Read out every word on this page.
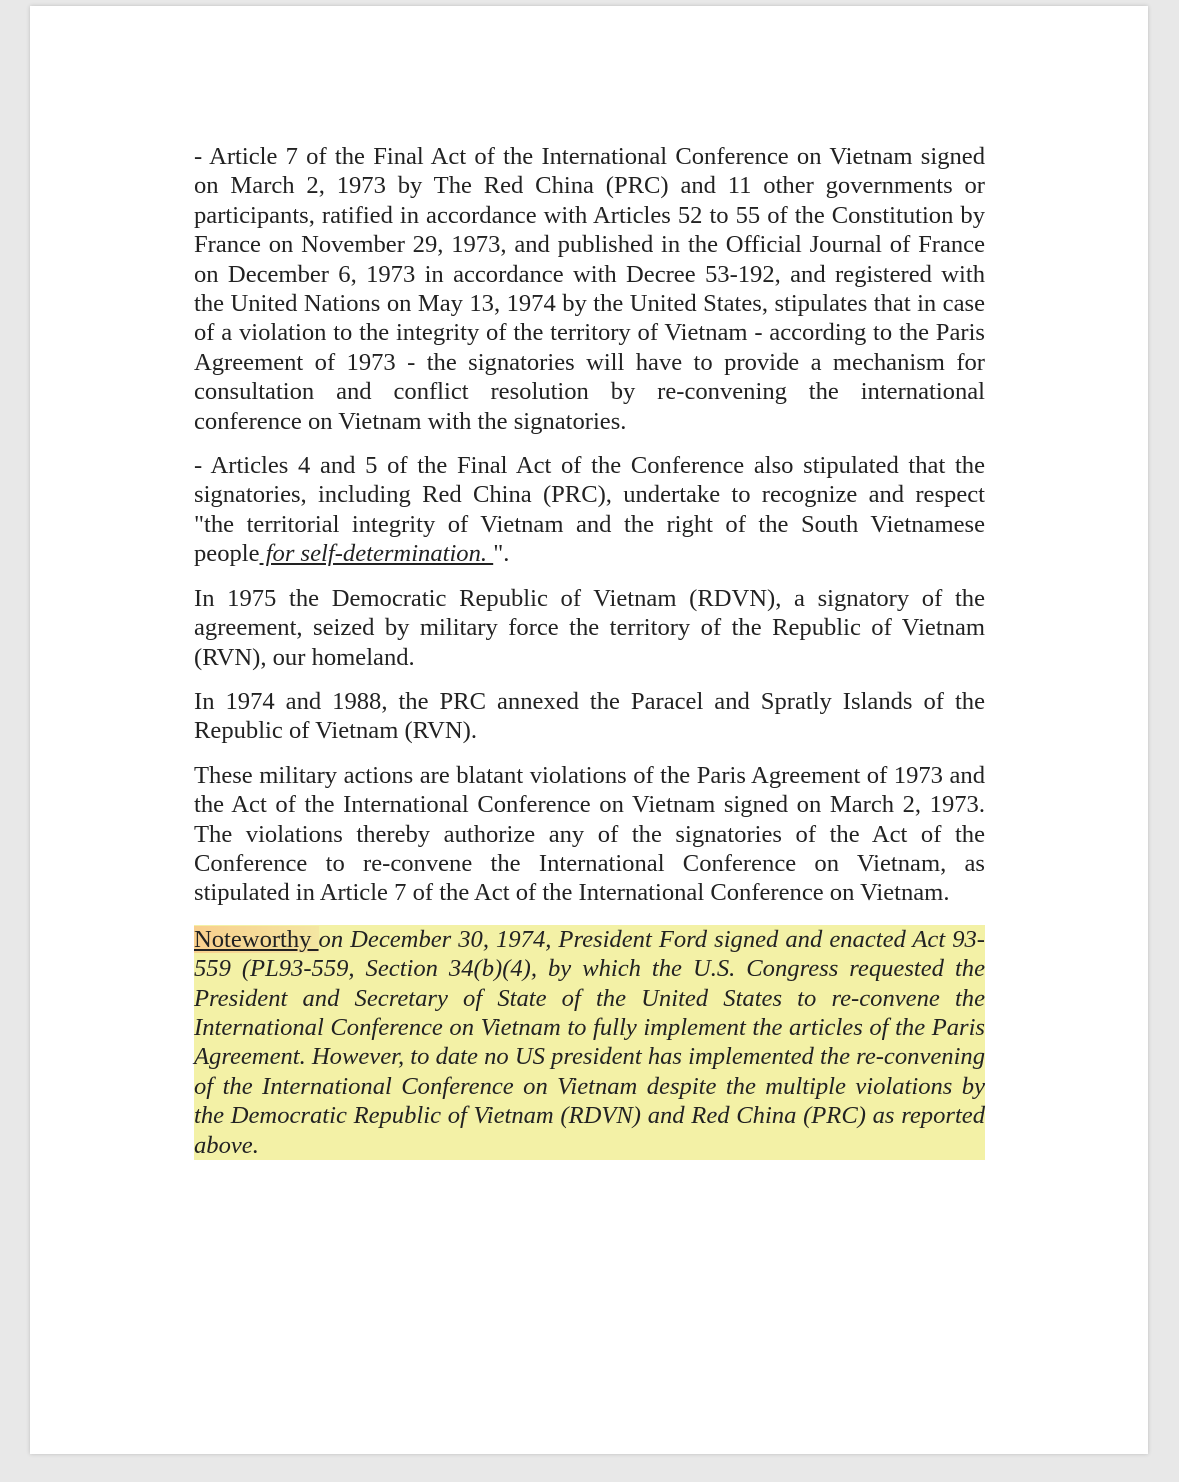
- Article 7 of the Final Act of the International Conference on Vietnam signed on March 2, 1973 by The Red China (PRC) and 11 other governments or participants, ratified in accordance with Articles 52 to 55 of the Constitution by France on November 29, 1973, and published in the Official Journal of France on December 6, 1973 in accordance with Decree 53-192, and registered with the United Nations on May 13, 1974 by the United States, stipulates that in case of a violation to the integrity of the territory of Vietnam - according to the Paris Agreement of 1973 - the signatories will have to provide a mechanism for consultation and conflict resolution by re-convening the international conference on Vietnam with the signatories.

- Articles 4 and 5 of the Final Act of the Conference also stipulated that the signatories, including Red China (PRC), undertake to recognize and respect "the territorial integrity of Vietnam and the right of the South Vietnamese people for self-determination. ".

In 1975 the Democratic Republic of Vietnam (RDVN), a signatory of the agreement, seized by military force the territory of the Republic of Vietnam (RVN), our homeland.

In 1974 and 1988, the PRC annexed the Paracel and Spratly Islands of the Republic of Vietnam (RVN).

These military actions are blatant violations of the Paris Agreement of 1973 and the Act of the International Conference on Vietnam signed on March 2, 1973. The violations thereby authorize any of the signatories of the Act of the Conference to re-convene the International Conference on Vietnam, as stipulated in Article 7 of the Act of the International Conference on Vietnam.

Noteworthy on December 30, 1974, President Ford signed and enacted Act 93-559 (PL93-559, Section 34(b)(4), by which the U.S. Congress requested the President and Secretary of State of the United States to re-convene the International Conference on Vietnam to fully implement the articles of the Paris Agreement. However, to date no US president has implemented the re-convening of the International Conference on Vietnam despite the multiple violations by the Democratic Republic of Vietnam (RDVN) and Red China (PRC) as reported above.
